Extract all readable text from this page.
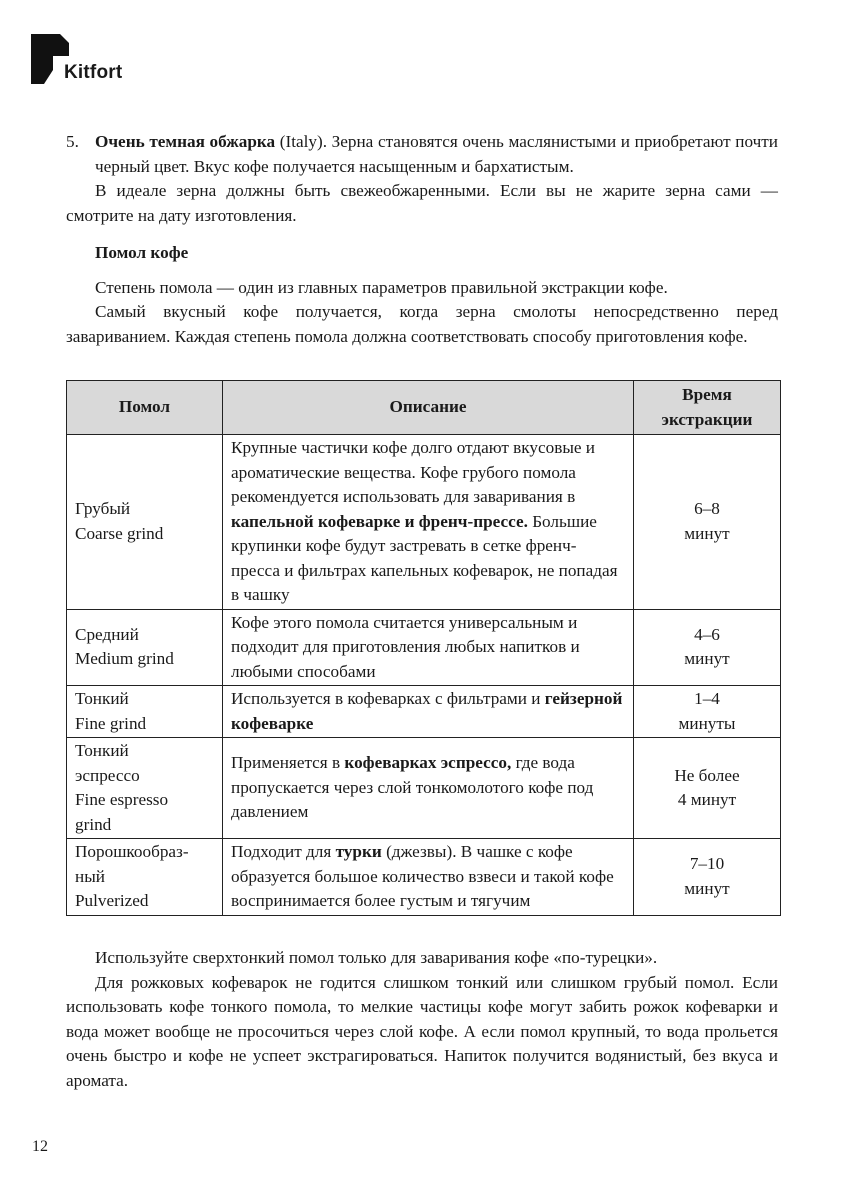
Kitfort

5. Очень темная обжарка (Italy). Зерна становятся очень маслянистыми и приобретают почти черный цвет. Вкус кофе получается насыщенным и бархатистым.

В идеале зерна должны быть свежеобжаренными. Если вы не жарите зерна сами — смотрите на дату изготовления.

Помол кофе

Степень помола — один из главных параметров правильной экстракции кофе.

Самый вкусный кофе получается, когда зерна смолоты непосредственно перед завариванием. Каждая степень помола должна соответствовать способу приготовления кофе.

Помол	Описание	Время
экстракции
Грубый
Coarse grind	Крупные частички кофе долго отдают вкусовые и ароматические вещества. Кофе грубого помола рекомендуется использовать для заваривания в капельной кофеварке и френч-прессе. Большие крупинки кофе будут застревать в сетке френч-пресса и фильтрах капельных кофеварок, не попадая в чашку	6–8
минут
Средний
Medium grind	Кофе этого помола считается универсальным и подходит для приготовления любых напитков и любыми способами	4–6
минут
Тонкий
Fine grind	Используется в кофеварках с фильтрами и гейзерной кофеварке	1–4
минуты
Тонкий
эспрессо
Fine espresso
grind	Применяется в кофеварках эспрессо, где вода пропускается через слой тонкомолотого кофе под давлением	Не более
4 минут
Порошкообраз-
ный
Pulverized	Подходит для турки (джезвы). В чашке с кофе образуется большое количество взвеси и такой кофе воспринимается более густым и тягучим	7–10
минут

Используйте сверхтонкий помол только для заваривания кофе «по-турецки».

Для рожковых кофеварок не годится слишком тонкий или слишком грубый помол. Если использовать кофе тонкого помола, то мелкие частицы кофе могут забить рожок кофеварки и вода может вообще не просочиться через слой кофе. А если помол крупный, то вода прольется очень быстро и кофе не успеет экстрагироваться. Напиток получится водянистый, без вкуса и аромата.

12
